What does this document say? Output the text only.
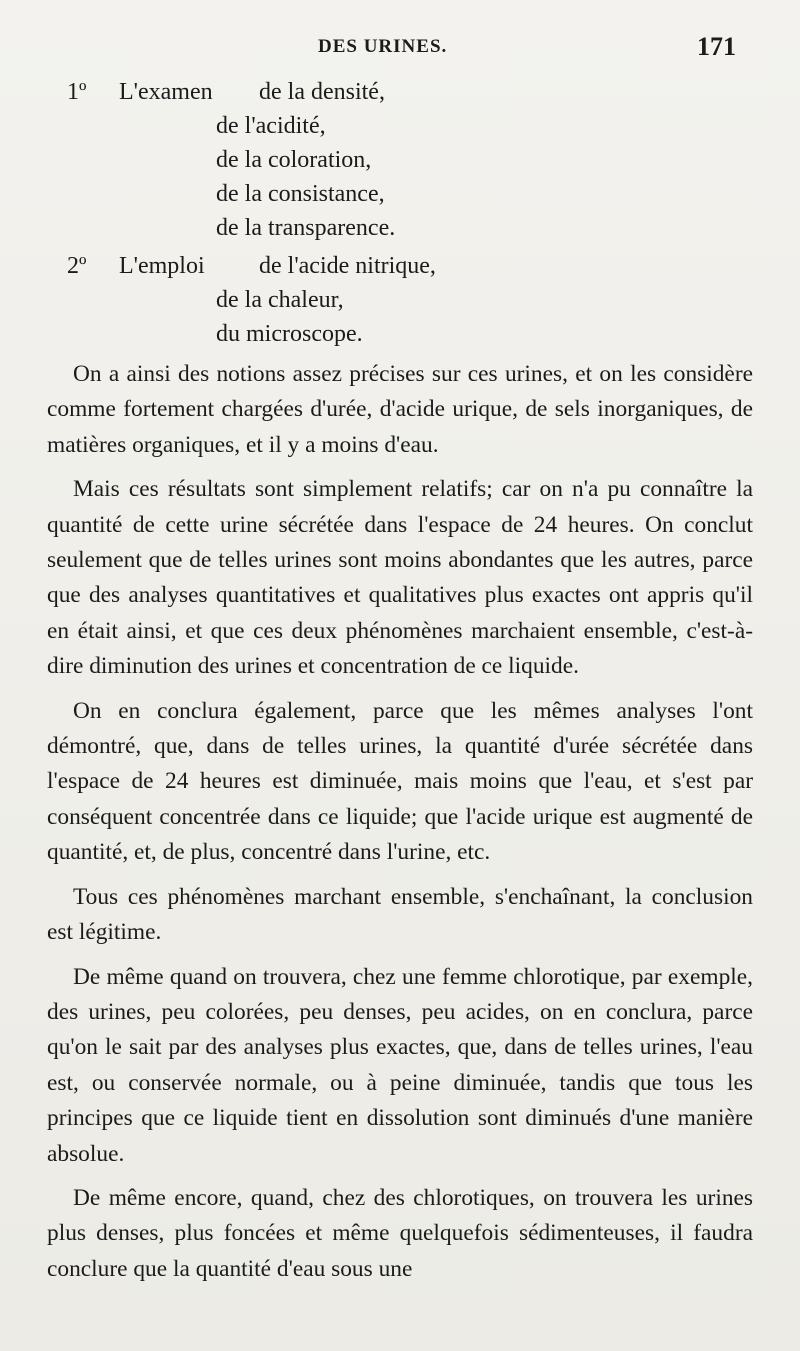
DES URINES.	171
1º L'examen de la densité,
de l'acidité,
de la coloration,
de la consistance,
de la transparence.
2º L'emploi de l'acide nitrique,
de la chaleur,
du microscope.

On a ainsi des notions assez précises sur ces urines, et on les considère comme fortement chargées d'urée, d'acide urique, de sels inorganiques, de matières organiques, et il y a moins d'eau.

Mais ces résultats sont simplement relatifs; car on n'a pu connaître la quantité de cette urine sécrétée dans l'espace de 24 heures. On conclut seulement que de telles urines sont moins abondantes que les autres, parce que des analyses quantitatives et qualitatives plus exactes ont appris qu'il en était ainsi, et que ces deux phénomènes marchaient ensemble, c'est-à-dire diminution des urines et concentration de ce liquide.

On en conclura également, parce que les mêmes analyses l'ont démontré, que, dans de telles urines, la quantité d'urée sécrétée dans l'espace de 24 heures est diminuée, mais moins que l'eau, et s'est par conséquent concentrée dans ce liquide; que l'acide urique est augmenté de quantité, et, de plus, concentré dans l'urine, etc.

Tous ces phénomènes marchant ensemble, s'enchaînant, la conclusion est légitime.

De même quand on trouvera, chez une femme chlorotique, par exemple, des urines, peu colorées, peu denses, peu acides, on en conclura, parce qu'on le sait par des analyses plus exactes, que, dans de telles urines, l'eau est, ou conservée normale, ou à peine diminuée, tandis que tous les principes que ce liquide tient en dissolution sont diminués d'une manière absolue.

De même encore, quand, chez des chlorotiques, on trouvera les urines plus denses, plus foncées et même quelquefois sédimenteuses, il faudra conclure que la quantité d'eau sous une
